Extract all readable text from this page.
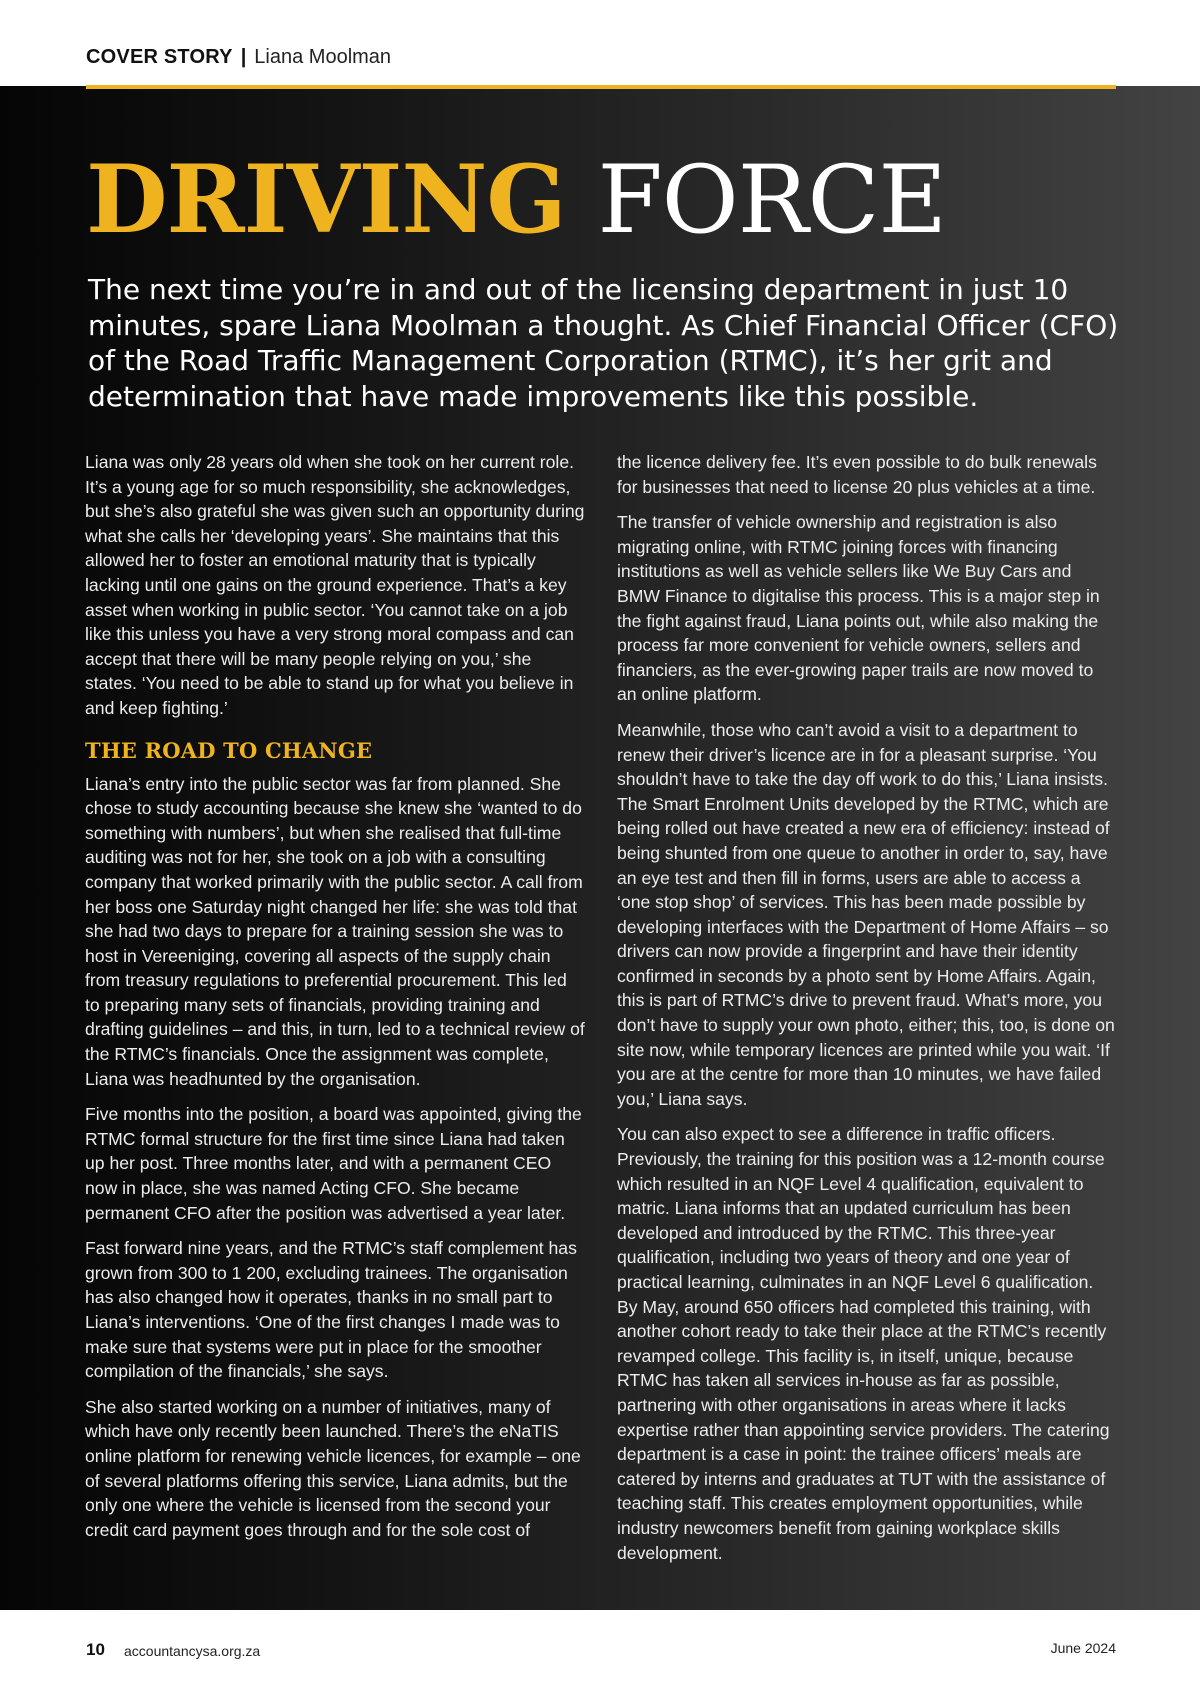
COVER STORY | Liana Moolman
DRIVING FORCE

The next time you’re in and out of the licensing department in just 10 minutes, spare Liana Moolman a thought. As Chief Financial Officer (CFO) of the Road Traffic Management Corporation (RTMC), it’s her grit and determination that have made improvements like this possible.

Liana was only 28 years old when she took on her current role. It’s a young age for so much responsibility, she acknowledges, but she’s also grateful she was given such an opportunity during what she calls her ‘developing years’. She maintains that this allowed her to foster an emotional maturity that is typically lacking until one gains on the ground experience. That’s a key asset when working in public sector. ‘You cannot take on a job like this unless you have a very strong moral compass and can accept that there will be many people relying on you,’ she states. ‘You need to be able to stand up for what you believe in and keep fighting.’

THE ROAD TO CHANGE

Liana’s entry into the public sector was far from planned. She chose to study accounting because she knew she ‘wanted to do something with numbers’, but when she realised that full-time auditing was not for her, she took on a job with a consulting company that worked primarily with the public sector. A call from her boss one Saturday night changed her life: she was told that she had two days to prepare for a training session she was to host in Vereeniging, covering all aspects of the supply chain from treasury regulations to preferential procurement. This led to preparing many sets of financials, providing training and drafting guidelines – and this, in turn, led to a technical review of the RTMC’s financials. Once the assignment was complete, Liana was headhunted by the organisation.

Five months into the position, a board was appointed, giving the RTMC formal structure for the first time since Liana had taken up her post. Three months later, and with a permanent CEO now in place, she was named Acting CFO. She became permanent CFO after the position was advertised a year later.

Fast forward nine years, and the RTMC’s staff complement has grown from 300 to 1 200, excluding trainees. The organisation has also changed how it operates, thanks in no small part to Liana’s interventions. ‘One of the first changes I made was to make sure that systems were put in place for the smoother compilation of the financials,’ she says.

She also started working on a number of initiatives, many of which have only recently been launched. There’s the eNaTIS online platform for renewing vehicle licences, for example – one of several platforms offering this service, Liana admits, but the only one where the vehicle is licensed from the second your credit card payment goes through and for the sole cost of

the licence delivery fee. It’s even possible to do bulk renewals for businesses that need to license 20 plus vehicles at a time.

The transfer of vehicle ownership and registration is also migrating online, with RTMC joining forces with financing institutions as well as vehicle sellers like We Buy Cars and BMW Finance to digitalise this process. This is a major step in the fight against fraud, Liana points out, while also making the process far more convenient for vehicle owners, sellers and financiers, as the ever-growing paper trails are now moved to an online platform.

Meanwhile, those who can’t avoid a visit to a department to renew their driver’s licence are in for a pleasant surprise. ‘You shouldn’t have to take the day off work to do this,’ Liana insists. The Smart Enrolment Units developed by the RTMC, which are being rolled out have created a new era of efficiency: instead of being shunted from one queue to another in order to, say, have an eye test and then fill in forms, users are able to access a ‘one stop shop’ of services. This has been made possible by developing interfaces with the Department of Home Affairs – so drivers can now provide a fingerprint and have their identity confirmed in seconds by a photo sent by Home Affairs. Again, this is part of RTMC’s drive to prevent fraud. What’s more, you don’t have to supply your own photo, either; this, too, is done on site now, while temporary licences are printed while you wait. ‘If you are at the centre for more than 10 minutes, we have failed you,’ Liana says.

You can also expect to see a difference in traffic officers. Previously, the training for this position was a 12-month course which resulted in an NQF Level 4 qualification, equivalent to matric. Liana informs that an updated curriculum has been developed and introduced by the RTMC. This three-year qualification, including two years of theory and one year of practical learning, culminates in an NQF Level 6 qualification. By May, around 650 officers had completed this training, with another cohort ready to take their place at the RTMC’s recently revamped college. This facility is, in itself, unique, because RTMC has taken all services in-house as far as possible, partnering with other organisations in areas where it lacks expertise rather than appointing service providers. The catering department is a case in point: the trainee officers’ meals are catered by interns and graduates at TUT with the assistance of teaching staff. This creates employment opportunities, while industry newcomers benefit from gaining workplace skills development.

10 accountancysa.org.za	June 2024
